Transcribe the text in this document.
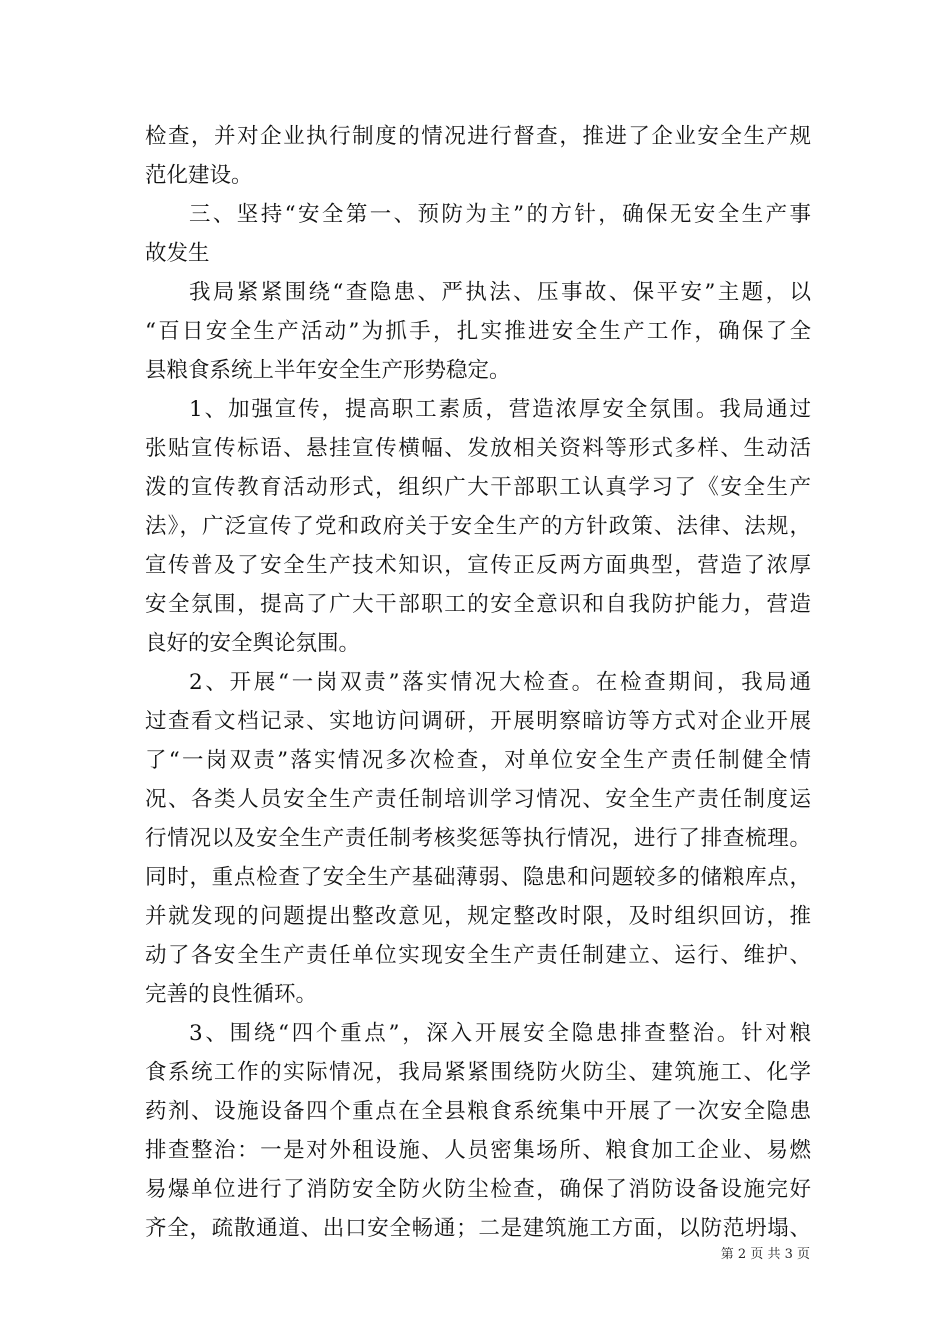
检查，并对企业执行制度的情况进行督查，推进了企业安全生产规
范化建设。
三、坚持“安全第一、预防为主”的方针，确保无安全生产事
故发生
我局紧紧围绕“查隐患、严执法、压事故、保平安”主题，以
“百日安全生产活动”为抓手，扎实推进安全生产工作，确保了全
县粮食系统上半年安全生产形势稳定。
1、加强宣传，提高职工素质，营造浓厚安全氛围。我局通过
张贴宣传标语、悬挂宣传横幅、发放相关资料等形式多样、生动活
泼的宣传教育活动形式，组织广大干部职工认真学习了《安全生产
法》，广泛宣传了党和政府关于安全生产的方针政策、法律、法规，
宣传普及了安全生产技术知识，宣传正反两方面典型，营造了浓厚
安全氛围，提高了广大干部职工的安全意识和自我防护能力，营造
良好的安全舆论氛围。
2、开展“一岗双责”落实情况大检查。在检查期间，我局通
过查看文档记录、实地访问调研，开展明察暗访等方式对企业开展
了“一岗双责”落实情况多次检查，对单位安全生产责任制健全情
况、各类人员安全生产责任制培训学习情况、安全生产责任制度运
行情况以及安全生产责任制考核奖惩等执行情况，进行了排查梳理。
同时，重点检查了安全生产基础薄弱、隐患和问题较多的储粮库点，
并就发现的问题提出整改意见，规定整改时限，及时组织回访，推
动了各安全生产责任单位实现安全生产责任制建立、运行、维护、
完善的良性循环。
3、围绕“四个重点”，深入开展安全隐患排查整治。针对粮
食系统工作的实际情况，我局紧紧围绕防火防尘、建筑施工、化学
药剂、设施设备四个重点在全县粮食系统集中开展了一次安全隐患
排查整治：一是对外租设施、人员密集场所、粮食加工企业、易燃
易爆单位进行了消防安全防火防尘检查，确保了消防设备设施完好
齐全，疏散通道、出口安全畅通；二是建筑施工方面，以防范坍塌、
第 2 页 共 3 页
